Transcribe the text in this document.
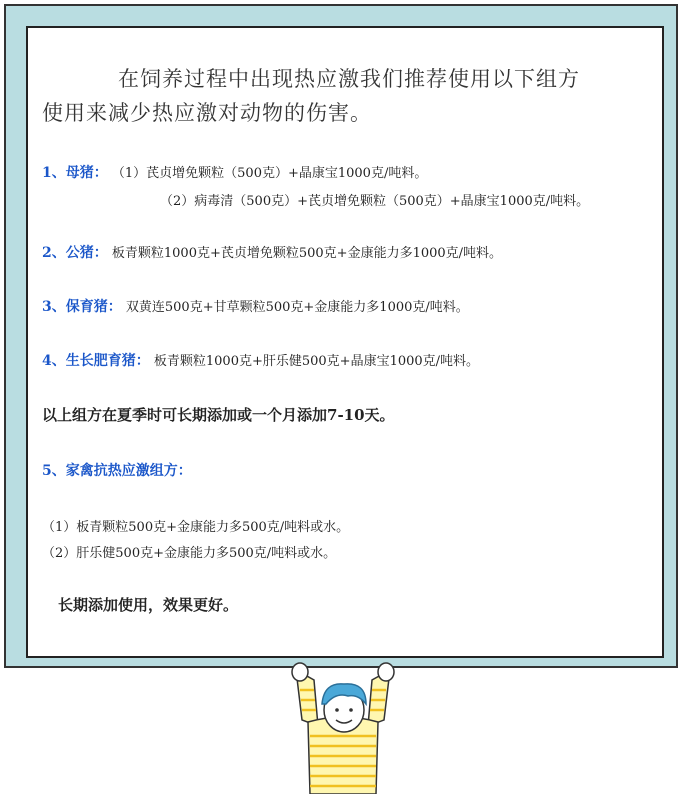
在饲养过程中出现热应激我们推荐使用以下组方
使用来减少热应激对动物的伤害。
1、母猪： （1）芪贞增免颗粒（500克）+晶康宝1000克/吨料。
（2）病毒清（500克）+芪贞增免颗粒（500克）+晶康宝1000克/吨料。
2、公猪： 板青颗粒1000克+芪贞增免颗粒500克+金康能力多1000克/吨料。
3、保育猪： 双黄连500克+甘草颗粒500克+金康能力多1000克/吨料。
4、生长肥育猪： 板青颗粒1000克+肝乐健500克+晶康宝1000克/吨料。
以上组方在夏季时可长期添加或一个月添加7-10天。
5、家禽抗热应激组方：
（1）板青颗粒500克+金康能力多500克/吨料或水。
（2）肝乐健500克+金康能力多500克/吨料或水。
长期添加使用，效果更好。
